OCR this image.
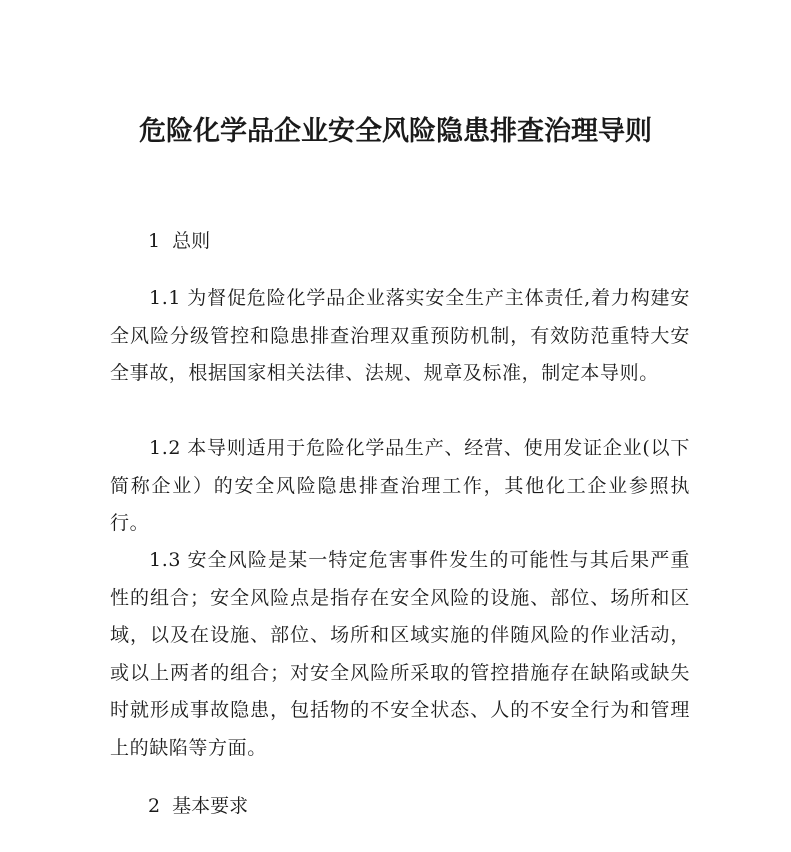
危险化学品企业安全风险隐患排查治理导则
1 总则

1.1 为督促危险化学品企业落实安全生产主体责任,着力构建安全风险分级管控和隐患排查治理双重预防机制，有效防范重特大安全事故，根据国家相关法律、法规、规章及标准，制定本导则。

1.2 本导则适用于危险化学品生产、经营、使用发证企业(以下简称企业）的安全风险隐患排查治理工作，其他化工企业参照执行。

1.3 安全风险是某一特定危害事件发生的可能性与其后果严重性的组合；安全风险点是指存在安全风险的设施、部位、场所和区域，以及在设施、部位、场所和区域实施的伴随风险的作业活动，或以上两者的组合；对安全风险所采取的管控措施存在缺陷或缺失时就形成事故隐患，包括物的不安全状态、人的不安全行为和管理上的缺陷等方面。

2 基本要求
